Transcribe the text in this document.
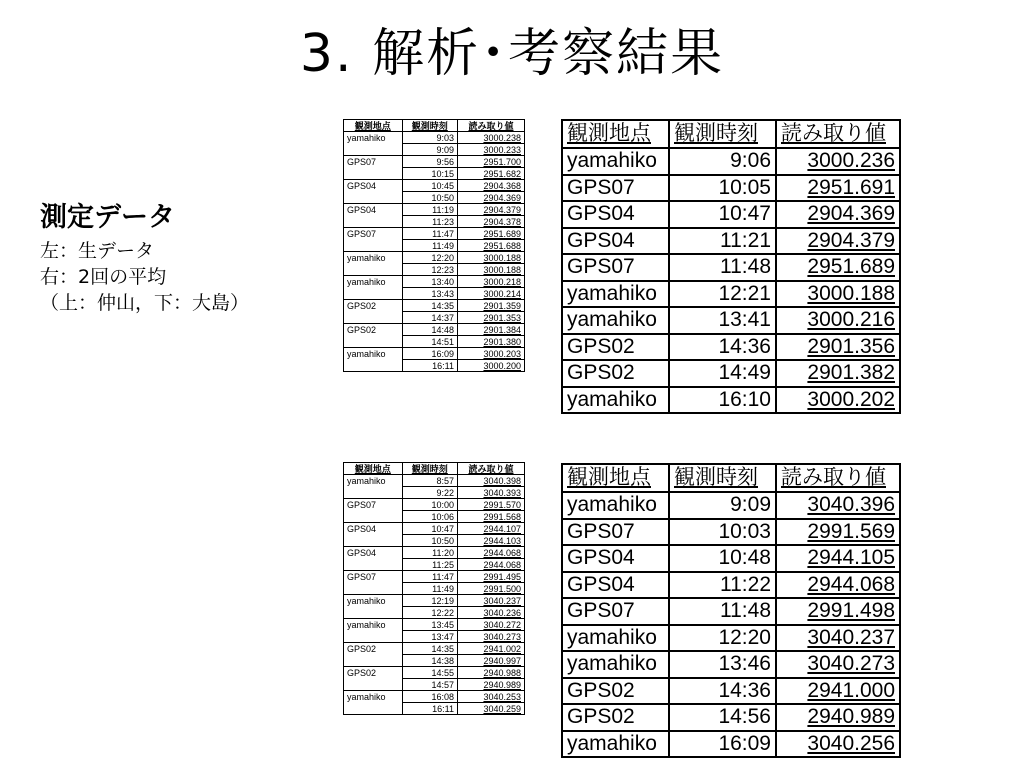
3. 解析･考察結果
測定データ
左：生データ
右：2回の平均
（上：仲山，下：大島）
観測地点	観測時刻	読み取り値
yamahiko	9:03	3000.238
	9:09	3000.233
GPS07	9:56	2951.700
	10:15	2951.682
GPS04	10:45	2904.368
	10:50	2904.369
GPS04	11:19	2904.379
	11:23	2904.378
GPS07	11:47	2951.689
	11:49	2951.688
yamahiko	12:20	3000.188
	12:23	3000.188
yamahiko	13:40	3000.218
	13:43	3000.214
GPS02	14:35	2901.359
	14:37	2901.353
GPS02	14:48	2901.384
	14:51	2901.380
yamahiko	16:09	3000.203
	16:11	3000.200
観測地点	観測時刻	読み取り値
yamahiko	9:06	3000.236
GPS07	10:05	2951.691
GPS04	10:47	2904.369
GPS04	11:21	2904.379
GPS07	11:48	2951.689
yamahiko	12:21	3000.188
yamahiko	13:41	3000.216
GPS02	14:36	2901.356
GPS02	14:49	2901.382
yamahiko	16:10	3000.202
観測地点	観測時刻	読み取り値
yamahiko	8:57	3040.398
	9:22	3040.393
GPS07	10:00	2991.570
	10:06	2991.568
GPS04	10:47	2944.107
	10:50	2944.103
GPS04	11:20	2944.068
	11:25	2944.068
GPS07	11:47	2991.495
	11:49	2991.500
yamahiko	12:19	3040.237
	12:22	3040.236
yamahiko	13:45	3040.272
	13:47	3040.273
GPS02	14:35	2941.002
	14:38	2940.997
GPS02	14:55	2940.988
	14:57	2940.989
yamahiko	16:08	3040.253
	16:11	3040.259
観測地点	観測時刻	読み取り値
yamahiko	9:09	3040.396
GPS07	10:03	2991.569
GPS04	10:48	2944.105
GPS04	11:22	2944.068
GPS07	11:48	2991.498
yamahiko	12:20	3040.237
yamahiko	13:46	3040.273
GPS02	14:36	2941.000
GPS02	14:56	2940.989
yamahiko	16:09	3040.256
